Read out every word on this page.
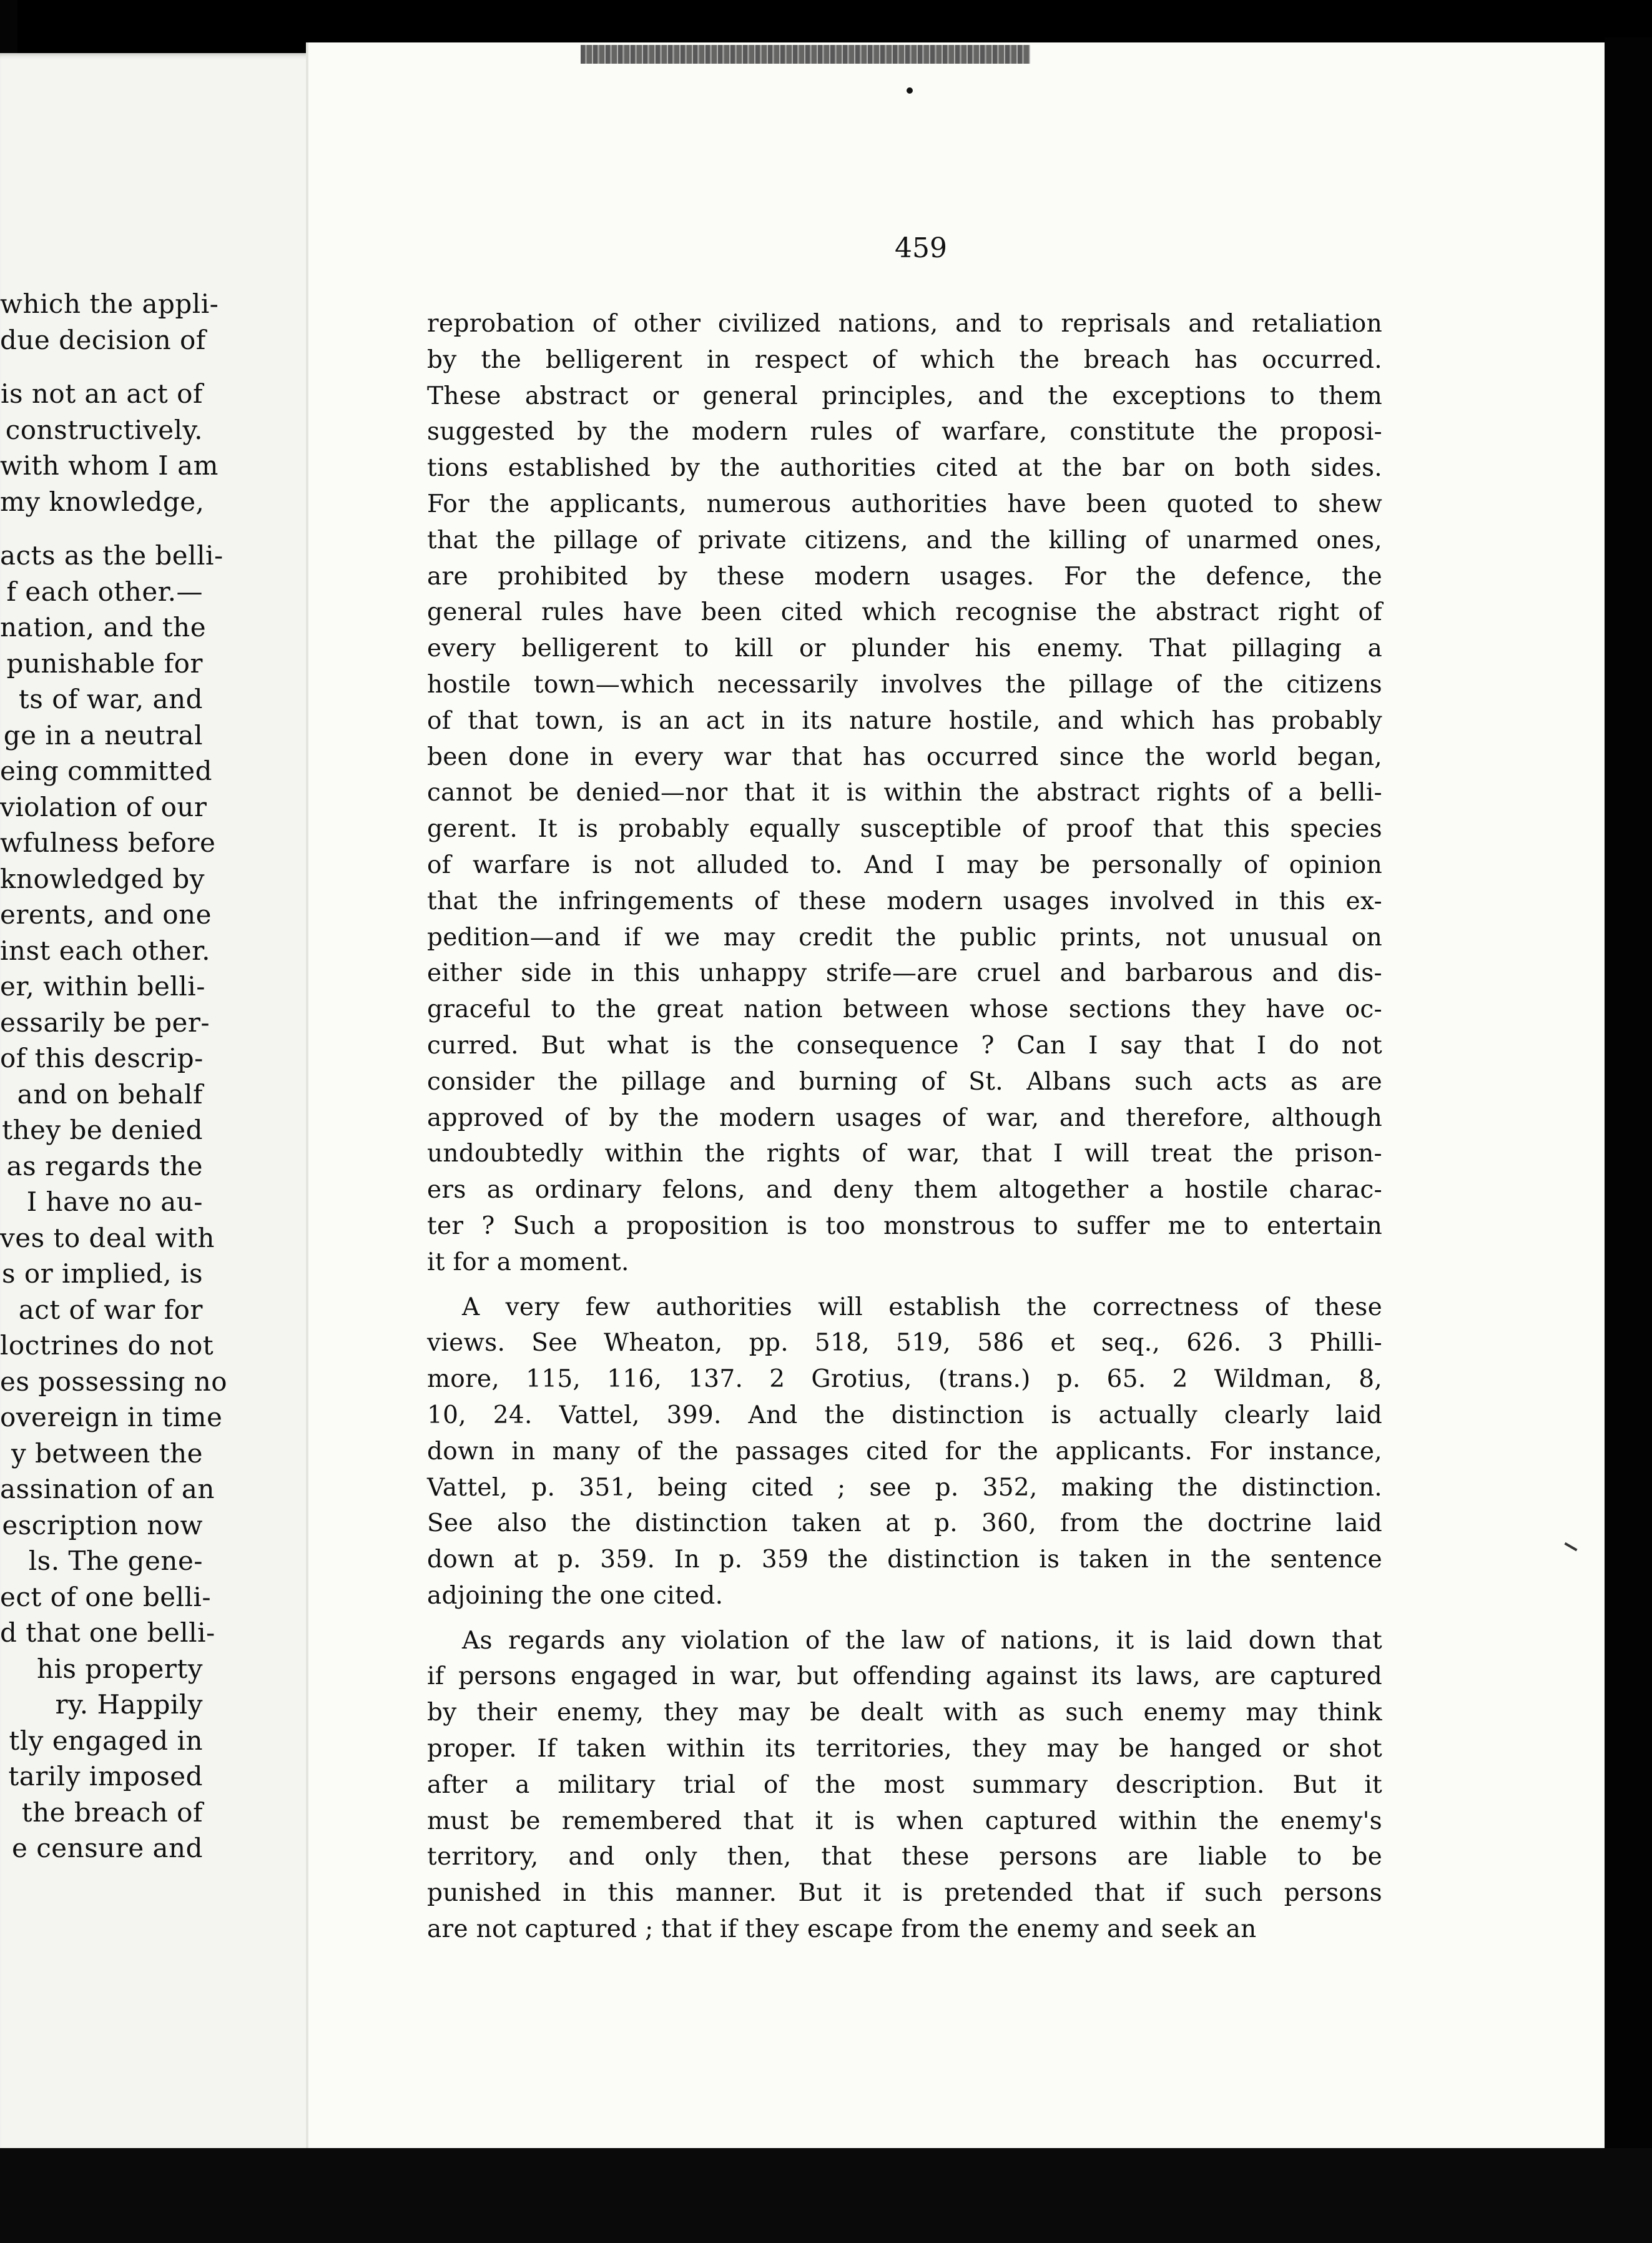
459
which the appli-
due decision of
is not an act of
constructively.
with whom I am
my knowledge,
acts as the belli-
f each other.—
nation, and the
punishable for
ts of war, and
ge in a neutral
eing committed
violation of our
wfulness before
knowledged by
erents, and one
inst each other.
er, within belli-
essarily be per-
of this descrip-
and on behalf
they be denied
as regards the
I have no au-
ves to deal with
s or implied, is
act of war for
loctrines do not
es possessing no
overeign in time
y between the
assination of an
escription now
ls. The gene-
ect of one belli-
d that one belli-
his property
ry. Happily
tly engaged in
tarily imposed
the breach of
e censure and
reprobation of other civilized nations, and to reprisals and retaliation
by the belligerent in respect of which the breach has occurred.
These abstract or general principles, and the exceptions to them
suggested by the modern rules of warfare, constitute the proposi-
tions established by the authorities cited at the bar on both sides.
For the applicants, numerous authorities have been quoted to shew
that the pillage of private citizens, and the killing of unarmed ones,
are prohibited by these modern usages. For the defence, the
general rules have been cited which recognise the abstract right of
every belligerent to kill or plunder his enemy. That pillaging a
hostile town—which necessarily involves the pillage of the citizens
of that town, is an act in its nature hostile, and which has probably
been done in every war that has occurred since the world began,
cannot be denied—nor that it is within the abstract rights of a belli-
gerent. It is probably equally susceptible of proof that this species
of warfare is not alluded to. And I may be personally of opinion
that the infringements of these modern usages involved in this ex-
pedition—and if we may credit the public prints, not unusual on
either side in this unhappy strife—are cruel and barbarous and dis-
graceful to the great nation between whose sections they have oc-
curred. But what is the consequence ? Can I say that I do not
consider the pillage and burning of St. Albans such acts as are
approved of by the modern usages of war, and therefore, although
undoubtedly within the rights of war, that I will treat the prison-
ers as ordinary felons, and deny them altogether a hostile charac-
ter ? Such a proposition is too monstrous to suffer me to entertain
it for a moment.
A very few authorities will establish the correctness of these
views. See Wheaton, pp. 518, 519, 586 et seq., 626. 3 Philli-
more, 115, 116, 137. 2 Grotius, (trans.) p. 65. 2 Wildman, 8,
10, 24. Vattel, 399. And the distinction is actually clearly laid
down in many of the passages cited for the applicants. For instance,
Vattel, p. 351, being cited ; see p. 352, making the distinction.
See also the distinction taken at p. 360, from the doctrine laid
down at p. 359. In p. 359 the distinction is taken in the sentence
adjoining the one cited.
As regards any violation of the law of nations, it is laid down that
if persons engaged in war, but offending against its laws, are captured
by their enemy, they may be dealt with as such enemy may think
proper. If taken within its territories, they may be hanged or shot
after a military trial of the most summary description. But it
must be remembered that it is when captured within the enemy's
territory, and only then, that these persons are liable to be
punished in this manner. But it is pretended that if such persons
are not captured ; that if they escape from the enemy and seek an
